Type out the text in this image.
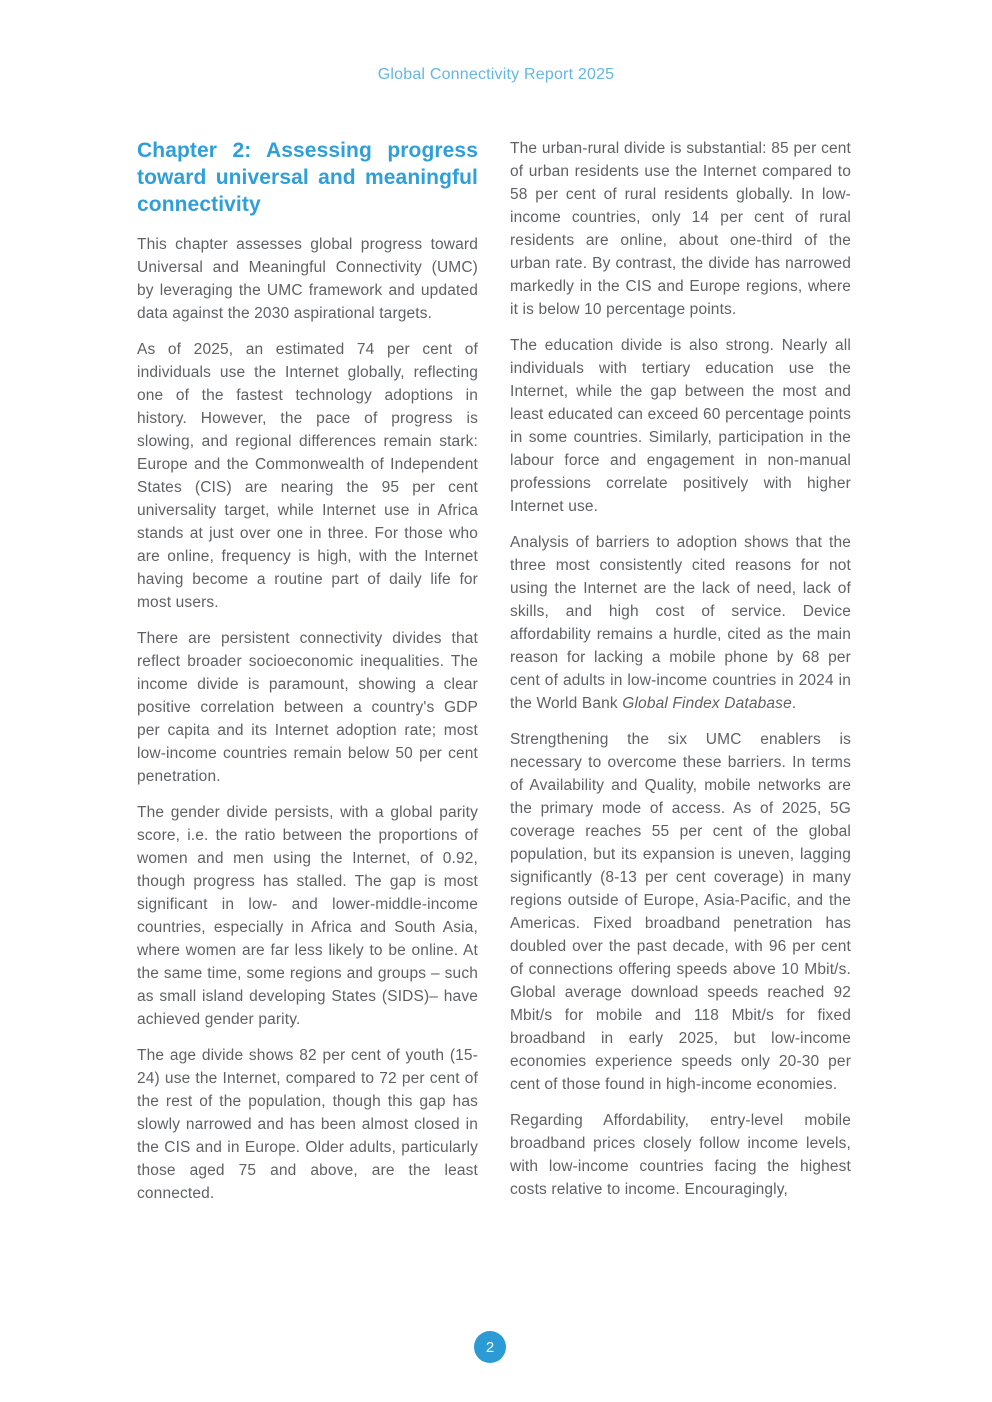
Global Connectivity Report 2025
Chapter 2: Assessing progress toward universal and meaningful connectivity

This chapter assesses global progress toward Universal and Meaningful Connectivity (UMC) by leveraging the UMC framework and updated data against the 2030 aspirational targets.

As of 2025, an estimated 74 per cent of individuals use the Internet globally, reflecting one of the fastest technology adoptions in history. However, the pace of progress is slowing, and regional differences remain stark: Europe and the Commonwealth of Independent States (CIS) are nearing the 95 per cent universality target, while Internet use in Africa stands at just over one in three. For those who are online, frequency is high, with the Internet having become a routine part of daily life for most users.

There are persistent connectivity divides that reflect broader socioeconomic inequalities. The income divide is paramount, showing a clear positive correlation between a country's GDP per capita and its Internet adoption rate; most low-income countries remain below 50 per cent penetration.

The gender divide persists, with a global parity score, i.e. the ratio between the proportions of women and men using the Internet, of 0.92, though progress has stalled. The gap is most significant in low- and lower-middle-income countries, especially in Africa and South Asia, where women are far less likely to be online. At the same time, some regions and groups – such as small island developing States (SIDS)– have achieved gender parity.

The age divide shows 82 per cent of youth (15-24) use the Internet, compared to 72 per cent of the rest of the population, though this gap has slowly narrowed and has been almost closed in the CIS and in Europe. Older adults, particularly those aged 75 and above, are the least connected.

The urban-rural divide is substantial: 85 per cent of urban residents use the Internet compared to 58 per cent of rural residents globally. In low-income countries, only 14 per cent of rural residents are online, about one-third of the urban rate. By contrast, the divide has narrowed markedly in the CIS and Europe regions, where it is below 10 percentage points.

The education divide is also strong. Nearly all individuals with tertiary education use the Internet, while the gap between the most and least educated can exceed 60 percentage points in some countries. Similarly, participation in the labour force and engagement in non-manual professions correlate positively with higher Internet use.

Analysis of barriers to adoption shows that the three most consistently cited reasons for not using the Internet are the lack of need, lack of skills, and high cost of service. Device affordability remains a hurdle, cited as the main reason for lacking a mobile phone by 68 per cent of adults in low-income countries in 2024 in the World Bank Global Findex Database.

Strengthening the six UMC enablers is necessary to overcome these barriers. In terms of Availability and Quality, mobile networks are the primary mode of access. As of 2025, 5G coverage reaches 55 per cent of the global population, but its expansion is uneven, lagging significantly (8-13 per cent coverage) in many regions outside of Europe, Asia-Pacific, and the Americas. Fixed broadband penetration has doubled over the past decade, with 96 per cent of connections offering speeds above 10 Mbit/s. Global average download speeds reached 92 Mbit/s for mobile and 118 Mbit/s for fixed broadband in early 2025, but low-income economies experience speeds only 20-30 per cent of those found in high-income economies.

Regarding Affordability, entry-level mobile broadband prices closely follow income levels, with low-income countries facing the highest costs relative to income. Encouragingly,

2
